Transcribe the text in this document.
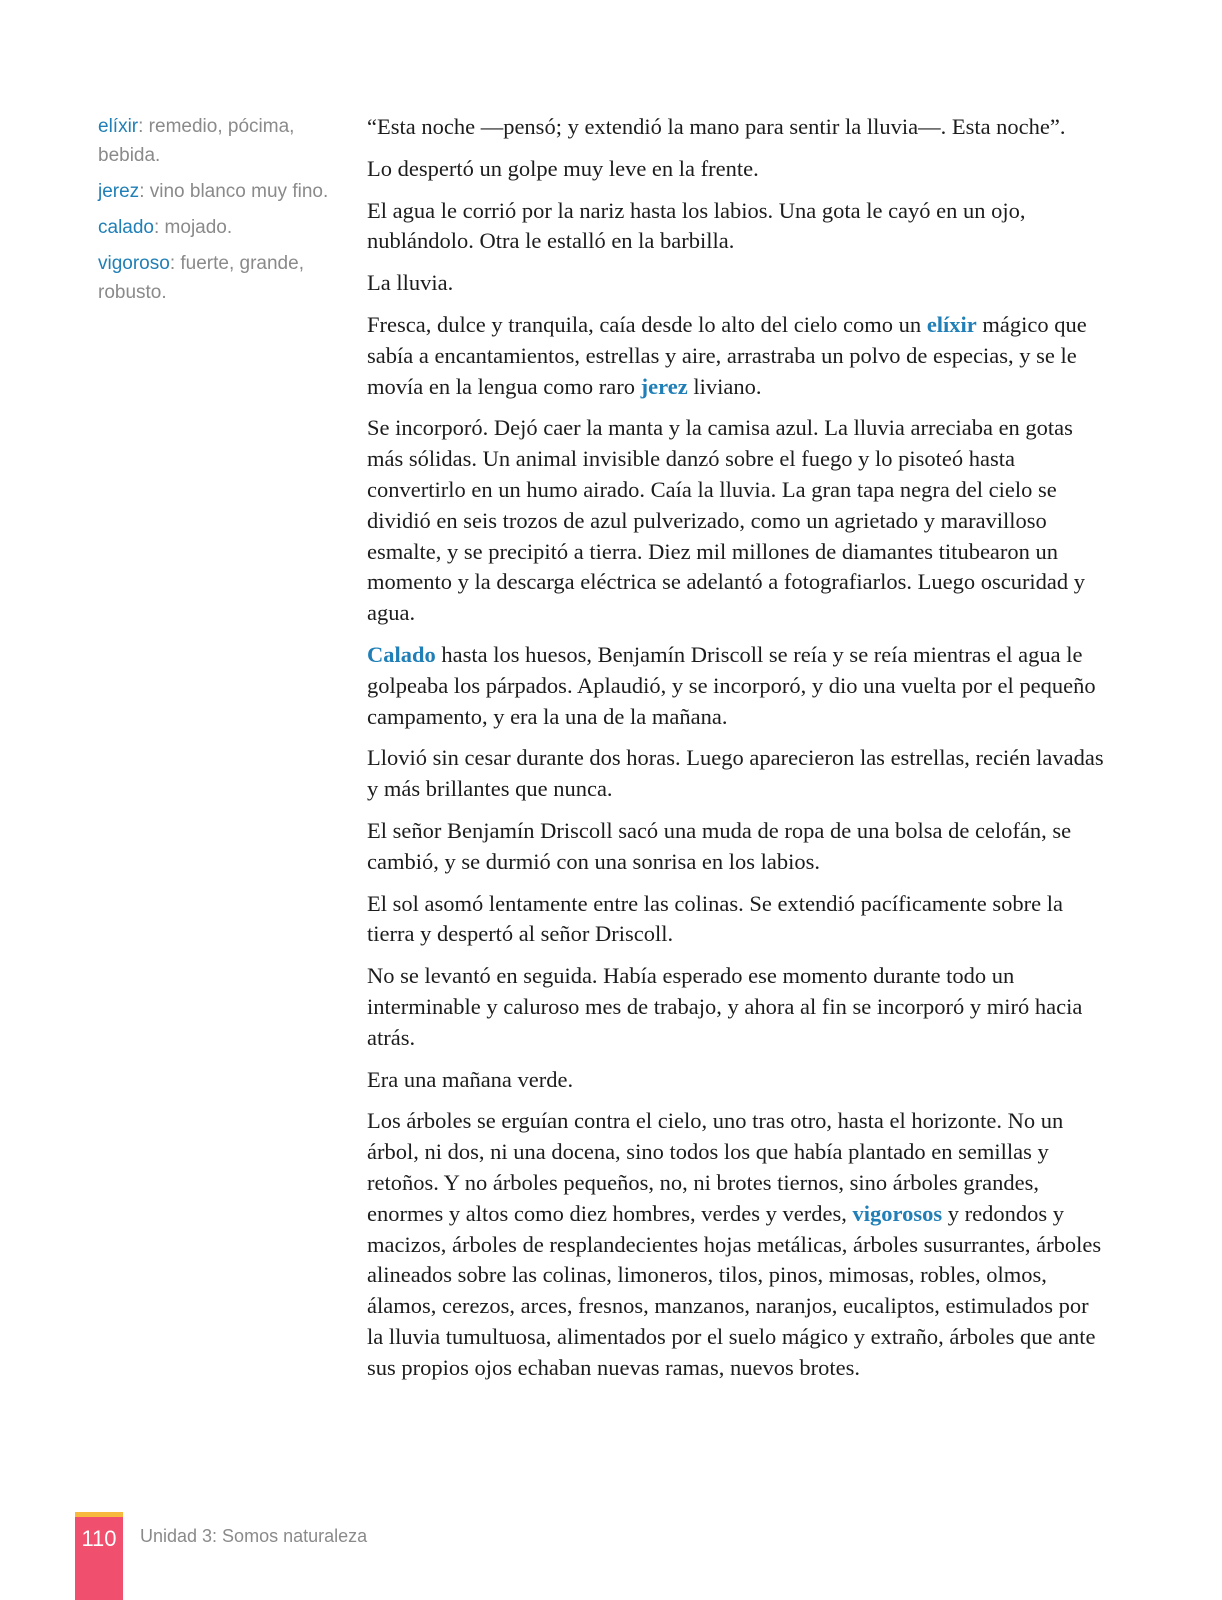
elíxir: remedio, pócima, bebida.
jerez: vino blanco muy fino.
calado: mojado.
vigoroso: fuerte, grande, robusto.

“Esta noche —pensó; y extendió la mano para sentir la lluvia—. Esta noche”.

Lo despertó un golpe muy leve en la frente.

El agua le corrió por la nariz hasta los labios. Una gota le cayó en un ojo, nublándolo. Otra le estalló en la barbilla.

La lluvia.

Fresca, dulce y tranquila, caía desde lo alto del cielo como un elíxir mágico que sabía a encantamientos, estrellas y aire, arrastraba un polvo de especias, y se le movía en la lengua como raro jerez liviano.

Se incorporó. Dejó caer la manta y la camisa azul. La lluvia arreciaba en gotas más sólidas. Un animal invisible danzó sobre el fuego y lo pisoteó hasta convertirlo en un humo airado. Caía la lluvia. La gran tapa negra del cielo se dividió en seis trozos de azul pulverizado, como un agrietado y maravilloso esmalte, y se precipitó a tierra. Diez mil millones de diamantes titubearon un momento y la descarga eléctrica se adelantó a fotografiarlos. Luego oscuridad y agua.

Calado hasta los huesos, Benjamín Driscoll se reía y se reía mientras el agua le golpeaba los párpados. Aplaudió, y se incorporó, y dio una vuelta por el pequeño campamento, y era la una de la mañana.

Llovió sin cesar durante dos horas. Luego aparecieron las estrellas, recién lavadas y más brillantes que nunca.

El señor Benjamín Driscoll sacó una muda de ropa de una bolsa de celofán, se cambió, y se durmió con una sonrisa en los labios.

El sol asomó lentamente entre las colinas. Se extendió pacíficamente sobre la tierra y despertó al señor Driscoll.

No se levantó en seguida. Había esperado ese momento durante todo un interminable y caluroso mes de trabajo, y ahora al fin se incorporó y miró hacia atrás.

Era una mañana verde.

Los árboles se erguían contra el cielo, uno tras otro, hasta el horizonte. No un árbol, ni dos, ni una docena, sino todos los que había plantado en semillas y retoños. Y no árboles pequeños, no, ni brotes tiernos, sino árboles grandes, enormes y altos como diez hombres, verdes y verdes, vigorosos y redondos y macizos, árboles de resplandecientes hojas metálicas, árboles susurrantes, árboles alineados sobre las colinas, limoneros, tilos, pinos, mimosas, robles, olmos, álamos, cerezos, arces, fresnos, manzanos, naranjos, eucaliptos, estimulados por la lluvia tumultuosa, alimentados por el suelo mágico y extraño, árboles que ante sus propios ojos echaban nuevas ramas, nuevos brotes.

110	Unidad 3: Somos naturaleza
